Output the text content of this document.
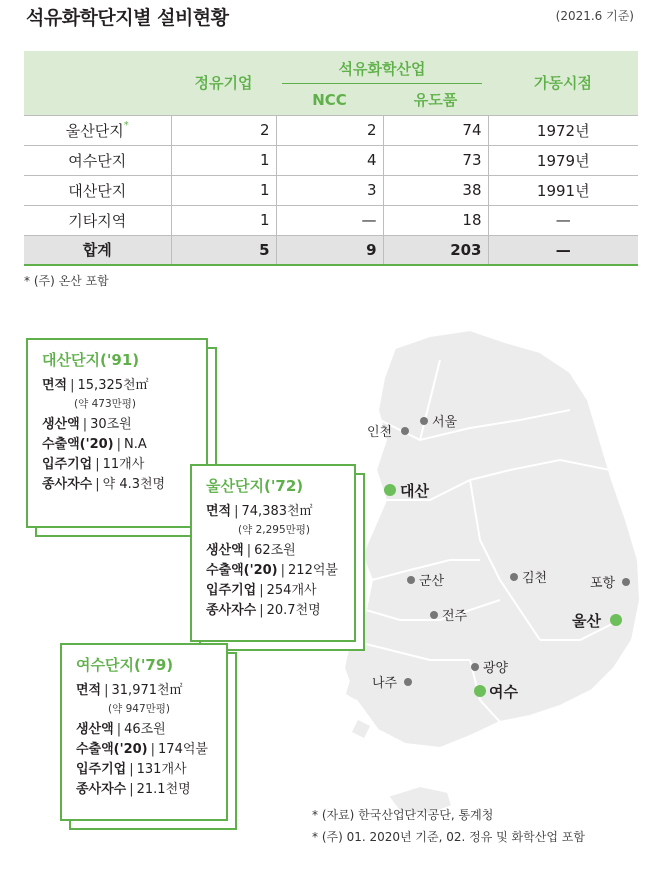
석유화학단지별 설비현황	(2021.6 기준)
	정유기업	석유화학산업		가동시점
		NCC	유도품	
울산단지*	2	2	74	1972년
여수단지	1	4	73	1979년
대산단지	1	3	38	1991년
기타지역	1	—	18	—
합계	5	9	203	—
* (주) 온산 포함
서울
인천
대산
군산	김천	포항
전주	울산
광양
나주	여수
대산단지('91)
면적 | 15,325천㎡
(약 473만평)
생산액 | 30조원
수출액('20) | N.A
입주기업 | 11개사
종사자수 | 약 4.3천명	울산단지('72)
면적 | 74,383천㎡
(약 2,295만평)
생산액 | 62조원
수출액('20) | 212억불
입주기업 | 254개사
종사자수 | 20.7천명
여수단지('79)
면적 | 31,971천㎡
(약 947만평)
생산액 | 46조원
수출액('20) | 174억불
입주기업 | 131개사
종사자수 | 21.1천명
* (자료) 한국산업단지공단, 통계청
* (주) 01. 2020년 기준, 02. 정유 및 화학산업 포함
